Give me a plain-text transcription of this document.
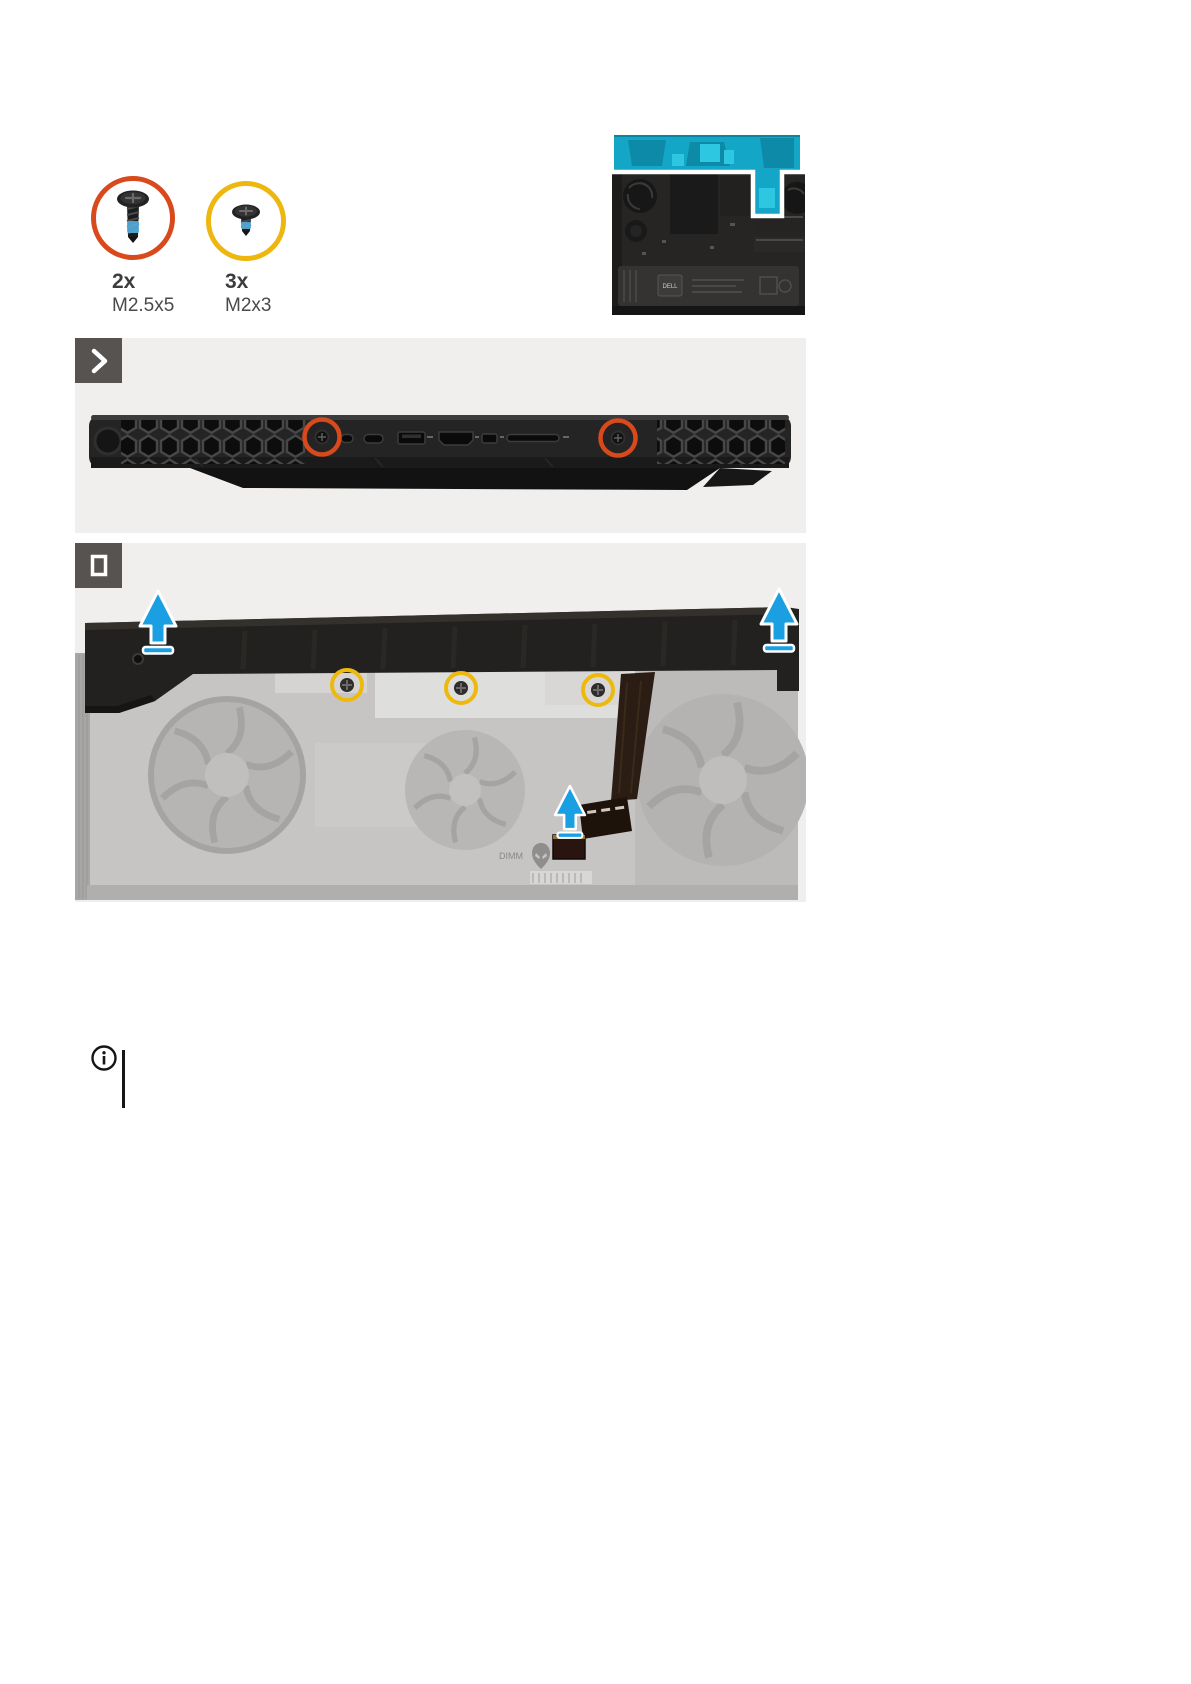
2x
M2.5x5
3x
M2x3
DELL
DIMM
